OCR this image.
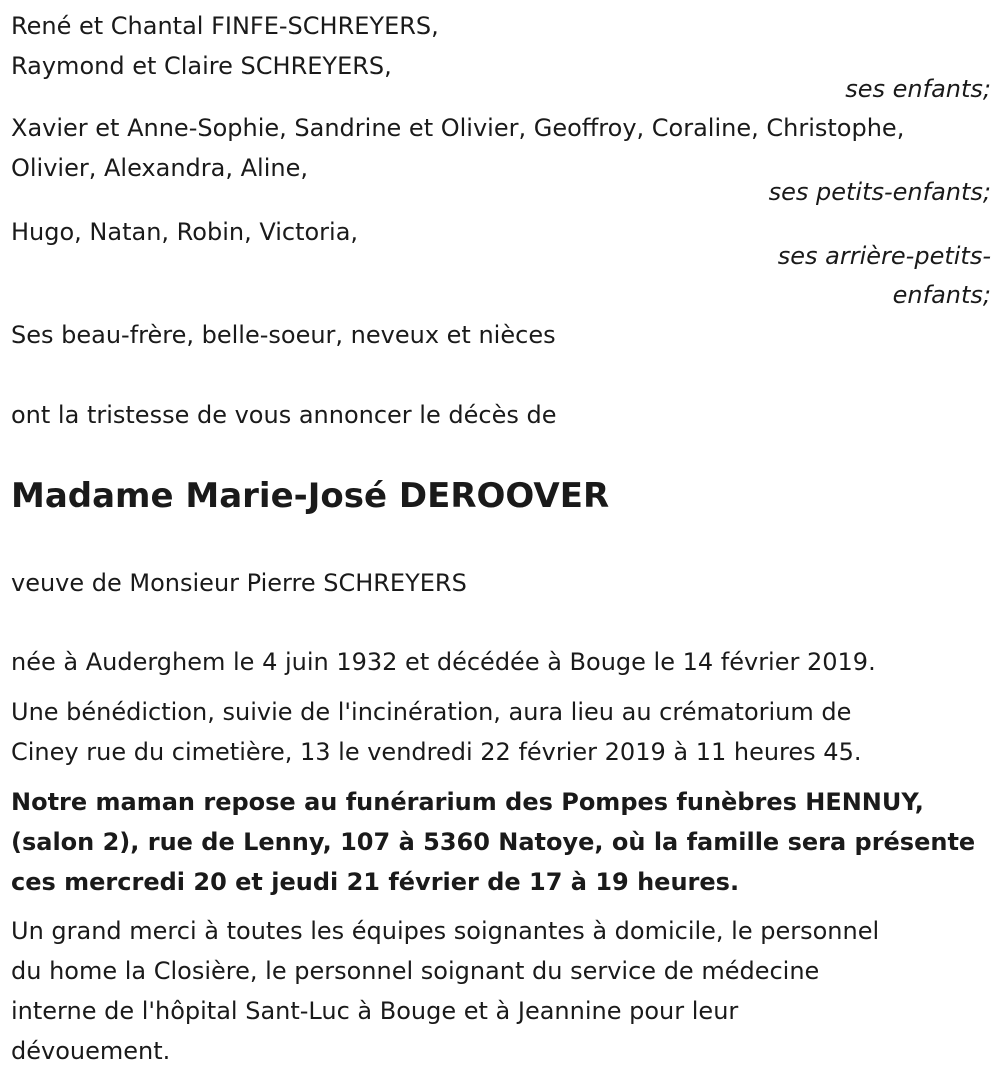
René et Chantal FINFE-SCHREYERS,
Raymond et Claire SCHREYERS,
ses enfants;
Xavier et Anne-Sophie, Sandrine et Olivier, Geoffroy, Coraline, Christophe,
Olivier, Alexandra, Aline,
ses petits-enfants;
Hugo, Natan, Robin, Victoria,
ses arrière-petits-
enfants;
Ses beau-frère, belle-soeur, neveux et nièces
ont la tristesse de vous annoncer le décès de
Madame Marie-José DEROOVER
veuve de Monsieur Pierre SCHREYERS
née à Auderghem le 4 juin 1932 et décédée à Bouge le 14 février 2019.
Une bénédiction, suivie de l'incinération, aura lieu au crématorium de
Ciney rue du cimetière, 13 le vendredi 22 février 2019 à 11 heures 45.
Notre maman repose au funérarium des Pompes funèbres HENNUY,
(salon 2), rue de Lenny, 107 à 5360 Natoye, où la famille sera présente
ces mercredi 20 et jeudi 21 février de 17 à 19 heures.
Un grand merci à toutes les équipes soignantes à domicile, le personnel
du home la Closière, le personnel soignant du service de médecine
interne de l'hôpital Sant-Luc à Bouge et à Jeannine pour leur
dévouement.
